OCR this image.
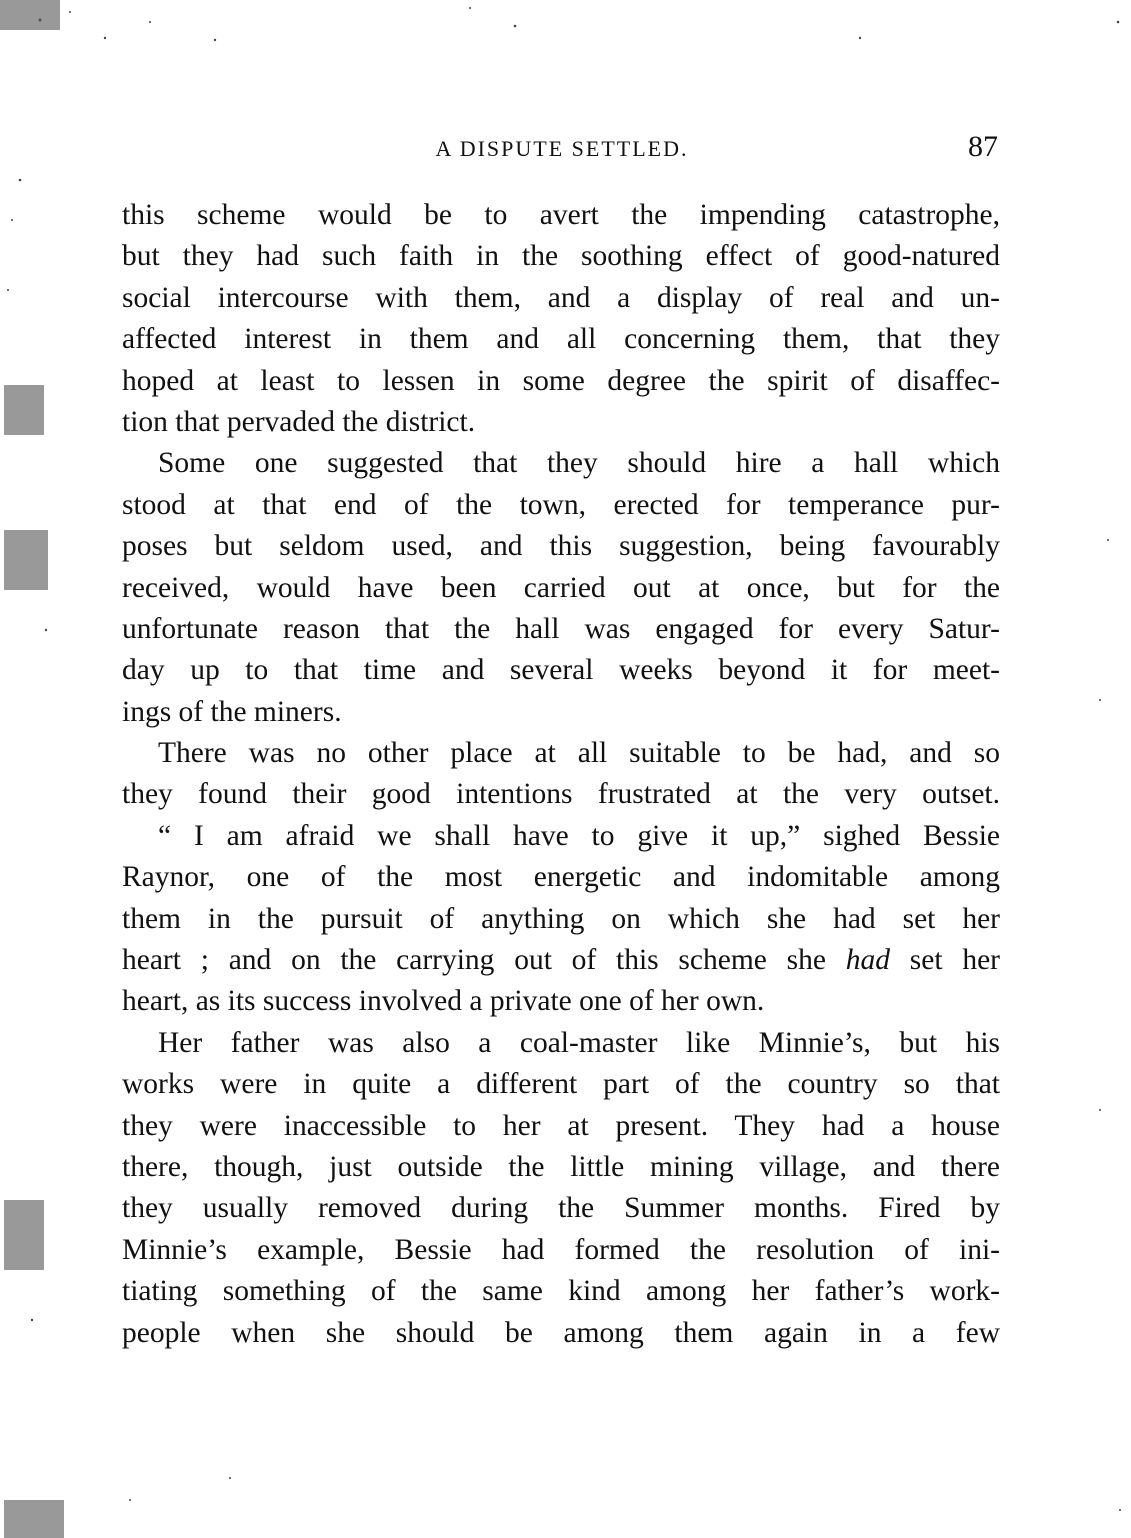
A DISPUTE SETTLED.	87
this scheme would be to avert the impending catastrophe,
but they had such faith in the soothing effect of good-natured
social intercourse with them, and a display of real and un-
affected interest in them and all concerning them, that they
hoped at least to lessen in some degree the spirit of disaffec-
tion that pervaded the district.
Some one suggested that they should hire a hall which
stood at that end of the town, erected for temperance pur-
poses but seldom used, and this suggestion, being favourably
received, would have been carried out at once, but for the
unfortunate reason that the hall was engaged for every Satur-
day up to that time and several weeks beyond it for meet-
ings of the miners.
There was no other place at all suitable to be had, and so
they found their good intentions frustrated at the very outset.
“ I am afraid we shall have to give it up,” sighed Bessie
Raynor, one of the most energetic and indomitable among
them in the pursuit of anything on which she had set her
heart ; and on the carrying out of this scheme she had set her
heart, as its success involved a private one of her own.
Her father was also a coal-master like Minnie’s, but his
works were in quite a different part of the country so that
they were inaccessible to her at present. They had a house
there, though, just outside the little mining village, and there
they usually removed during the Summer months. Fired by
Minnie’s example, Bessie had formed the resolution of ini-
tiating something of the same kind among her father’s work-
people when she should be among them again in a few
